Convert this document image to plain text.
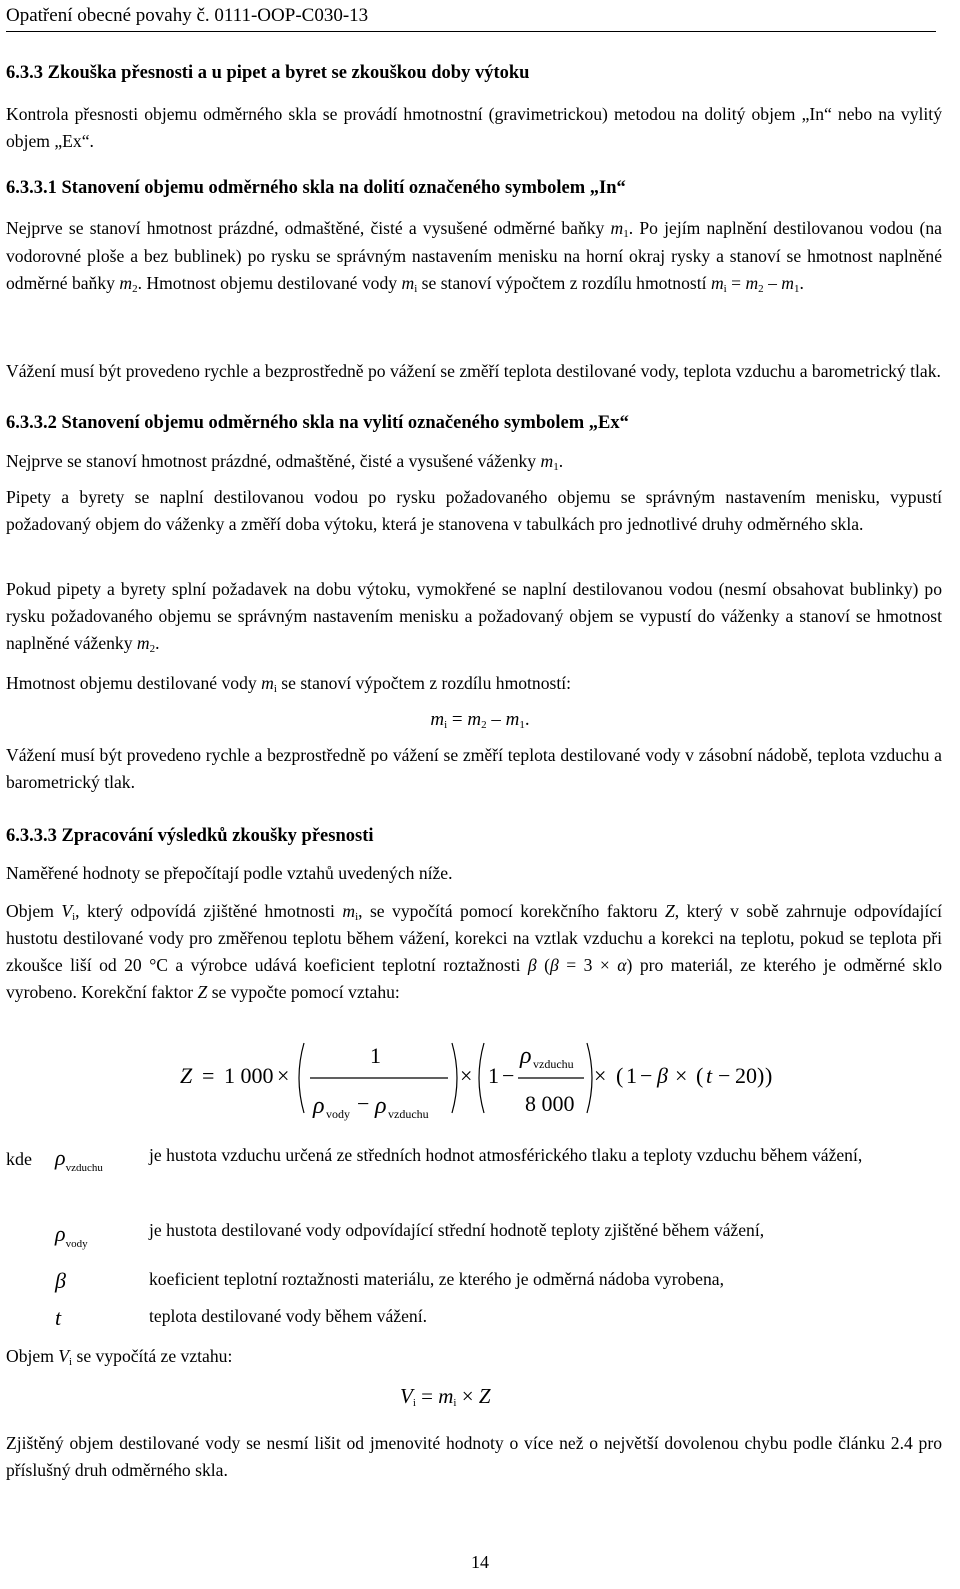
Opatření obecné povahy č. 0111-OOP-C030-13
6.3.3 Zkouška přesnosti a u pipet a byret se zkouškou doby výtoku
Kontrola přesnosti objemu odměrného skla se provádí hmotnostní (gravimetrickou) metodou na dolitý objem „In“ nebo na vylitý objem „Ex“.
6.3.3.1 Stanovení objemu odměrného skla na dolití označeného symbolem „In“
Nejprve se stanoví hmotnost prázdné, odmaštěné, čisté a vysušené odměrné baňky $m_1$. Po jejím naplnění destilovanou vodou (na vodorovné ploše a bez bublinek) po rysku se správným nastavením menisku na horní okraj rysky a stanoví se hmotnost naplněné odměrné baňky $m_2$. Hmotnost objemu destilované vody $m_i$ se stanoví výpočtem z rozdílu hmotností $m_i = m_2 - m_1$.
Vážení musí být provedeno rychle a bezprostředně po vážení se změří teplota destilované vody, teplota vzduchu a barometrický tlak.
6.3.3.2 Stanovení objemu odměrného skla na vylití označeného symbolem „Ex“
Nejprve se stanoví hmotnost prázdné, odmaštěné, čisté a vysušené váženky $m_1$.
Pipety a byrety se naplní destilovanou vodou po rysku požadovaného objemu se správným nastavením menisku, vypustí požadovaný objem do váženky a změří doba výtoku, která je stanovena v tabulkách pro jednotlivé druhy odměrného skla.
Pokud pipety a byrety splní požadavek na dobu výtoku, vymokřené se naplní destilovanou vodou (nesmí obsahovat bublinky) po rysku požadovaného objemu se správným nastavením menisku a požadovaný objem se vypustí do váženky a stanoví se hmotnost naplněné váženky $m_2$.
Hmotnost objemu destilované vody $m_i$ se stanoví výpočtem z rozdílu hmotností:
$m_i = m_2 - m_1$.
Vážení musí být provedeno rychle a bezprostředně po vážení se změří teplota destilované vody v zásobní nádobě, teplota vzduchu a barometrický tlak.
6.3.3.3 Zpracování výsledků zkoušky přesnosti
Naměřené hodnoty se přepočítají podle vztahů uvedených níže.
Objem $V_i$, který odpovídá zjištěné hmotnosti $m_i$, se vypočítá pomocí korekčního faktoru Z, který v sobě zahrnuje odpovídající hustotu destilované vody pro změřenou teplotu během vážení, korekci na vztlak vzduchu a korekci na teplotu, pokud se teplota při zkoušce liší od 20 °C a výrobce udává koeficient teplotní roztažnosti β (β = 3 × α) pro materiál, ze kterého je odměrné sklo vyrobeno. Korekční faktor Z se vypočte pomocí vztahu:
Z = 1 000 ×
1
ρ vody − ρ vzduchu
× 1 −
ρ vzduchu
8 000
× ( 1 − β × ( t − 20 ) )
kde $\rho_{vzduchu}$
je hustota vzduchu určená ze středních hodnot atmosférického tlaku a teploty vzduchu během vážení,
$\rho_{vody}$
je hustota destilované vody odpovídající střední hodnotě teploty zjištěné během vážení,
β	koeficient teplotní roztažnosti materiálu, ze kterého je odměrná nádoba vyrobena,
t	teplota destilované vody během vážení.
Objem $V_i$ se vypočítá ze vztahu:
$V_i = m_i \times Z$
Zjištěný objem destilované vody se nesmí lišit od jmenovité hodnoty o více než o největší dovolenou chybu podle článku 2.4 pro příslušný druh odměrného skla.
14
